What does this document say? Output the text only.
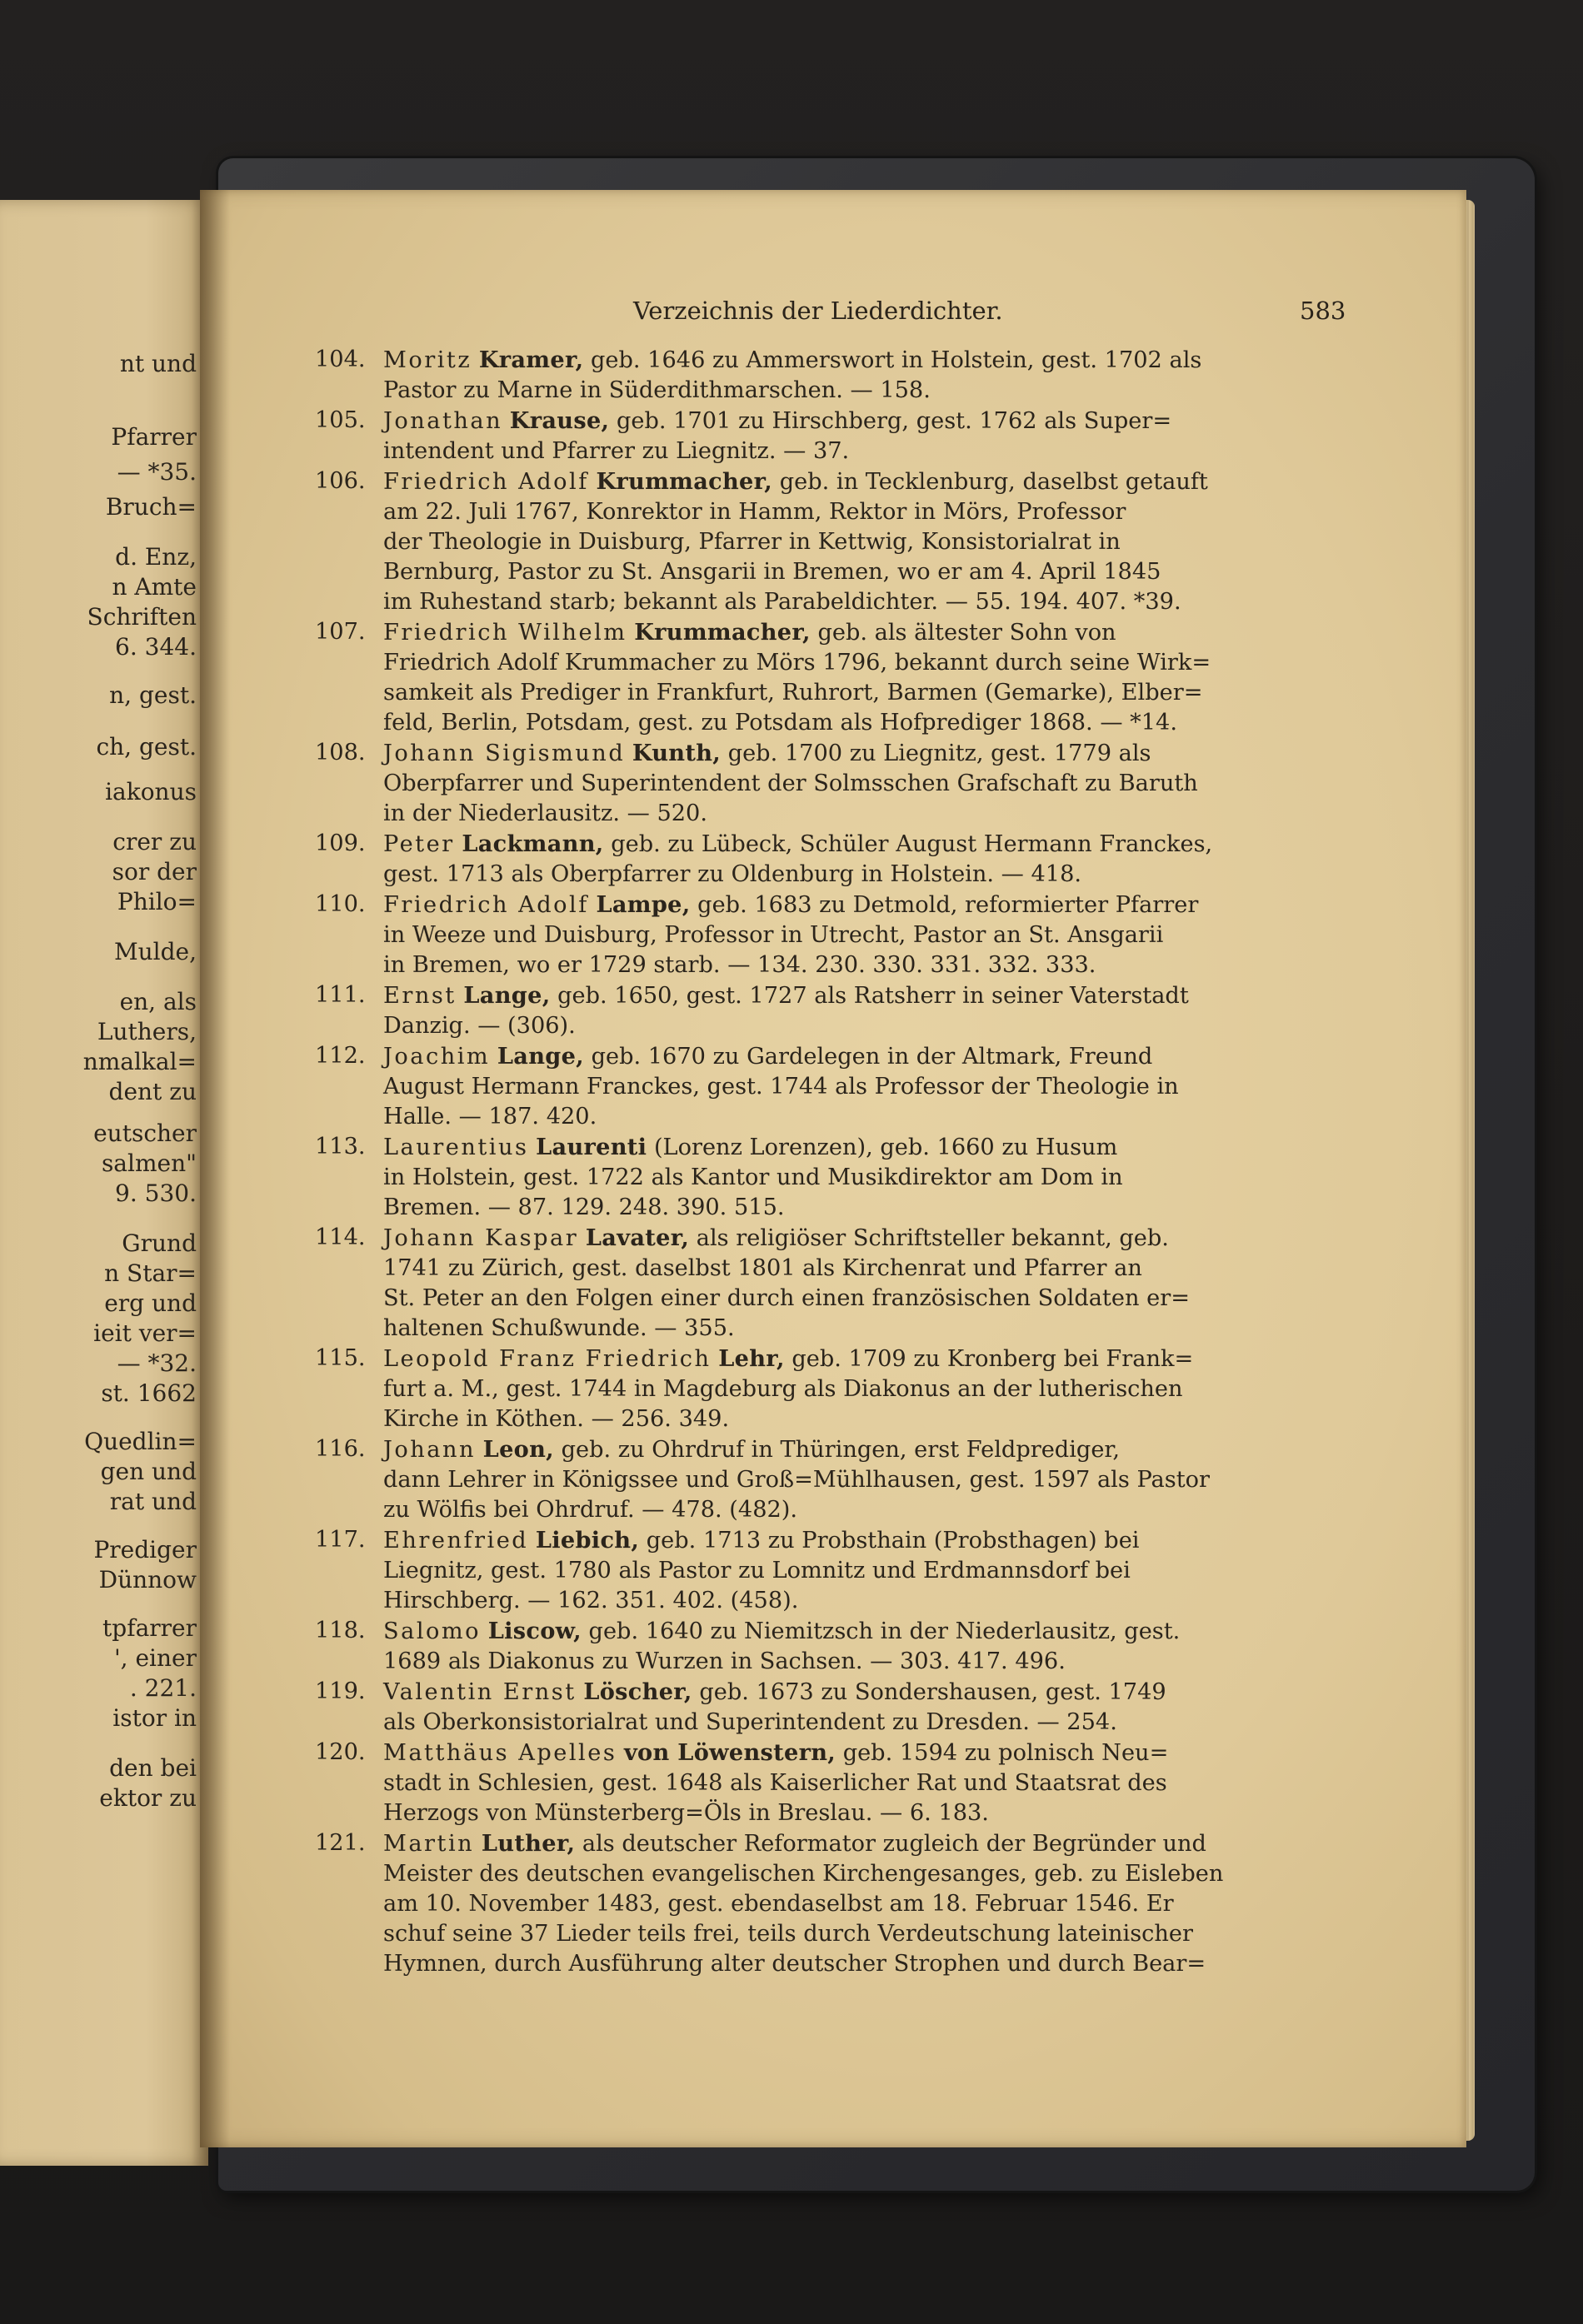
nt und
Pfarrer
— *35.
Bruch=
d. Enz,
n Amte
Schriften
6. 344.
n, gest.
ch, gest.
iakonus
crer zu
sor der
Philo=
Mulde,
en, als
Luthers,
nmalkal=
dent zu
eutscher
salmen"
9. 530.
Grund
n Star=
erg und
ieit ver=
— *32.
st. 1662
Quedlin=
gen und
rat und
Prediger
Dünnow
tpfarrer
', einer
. 221.
istor in
den bei
ektor zu
Verzeichnis der Liederdichter.	583
104. Moritz Kramer, geb. 1646 zu Ammerswort in Holstein, gest. 1702 als
Pastor zu Marne in Süderdithmarschen. — 158.
105. Jonathan Krause, geb. 1701 zu Hirschberg, gest. 1762 als Super=
intendent und Pfarrer zu Liegnitz. — 37.
106. Friedrich Adolf Krummacher, geb. in Tecklenburg, daselbst getauft
am 22. Juli 1767, Konrektor in Hamm, Rektor in Mörs, Professor
der Theologie in Duisburg, Pfarrer in Kettwig, Konsistorialrat in
Bernburg, Pastor zu St. Ansgarii in Bremen, wo er am 4. April 1845
im Ruhestand starb; bekannt als Parabeldichter. — 55. 194. 407. *39.
107. Friedrich Wilhelm Krummacher, geb. als ältester Sohn von
Friedrich Adolf Krummacher zu Mörs 1796, bekannt durch seine Wirk=
samkeit als Prediger in Frankfurt, Ruhrort, Barmen (Gemarke), Elber=
feld, Berlin, Potsdam, gest. zu Potsdam als Hofprediger 1868. — *14.
108. Johann Sigismund Kunth, geb. 1700 zu Liegnitz, gest. 1779 als
Oberpfarrer und Superintendent der Solmsschen Grafschaft zu Baruth
in der Niederlausitz. — 520.
109. Peter Lackmann, geb. zu Lübeck, Schüler August Hermann Franckes,
gest. 1713 als Oberpfarrer zu Oldenburg in Holstein. — 418.
110. Friedrich Adolf Lampe, geb. 1683 zu Detmold, reformierter Pfarrer
in Weeze und Duisburg, Professor in Utrecht, Pastor an St. Ansgarii
in Bremen, wo er 1729 starb. — 134. 230. 330. 331. 332. 333.
111. Ernst Lange, geb. 1650, gest. 1727 als Ratsherr in seiner Vaterstadt
Danzig. — (306).
112. Joachim Lange, geb. 1670 zu Gardelegen in der Altmark, Freund
August Hermann Franckes, gest. 1744 als Professor der Theologie in
Halle. — 187. 420.
113. Laurentius Laurenti (Lorenz Lorenzen), geb. 1660 zu Husum
in Holstein, gest. 1722 als Kantor und Musikdirektor am Dom in
Bremen. — 87. 129. 248. 390. 515.
114. Johann Kaspar Lavater, als religiöser Schriftsteller bekannt, geb.
1741 zu Zürich, gest. daselbst 1801 als Kirchenrat und Pfarrer an
St. Peter an den Folgen einer durch einen französischen Soldaten er=
haltenen Schußwunde. — 355.
115. Leopold Franz Friedrich Lehr, geb. 1709 zu Kronberg bei Frank=
furt a. M., gest. 1744 in Magdeburg als Diakonus an der lutherischen
Kirche in Köthen. — 256. 349.
116. Johann Leon, geb. zu Ohrdruf in Thüringen, erst Feldprediger,
dann Lehrer in Königssee und Groß=Mühlhausen, gest. 1597 als Pastor
zu Wölfis bei Ohrdruf. — 478. (482).
117. Ehrenfried Liebich, geb. 1713 zu Probsthain (Probsthagen) bei
Liegnitz, gest. 1780 als Pastor zu Lomnitz und Erdmannsdorf bei
Hirschberg. — 162. 351. 402. (458).
118. Salomo Liscow, geb. 1640 zu Niemitzsch in der Niederlausitz, gest.
1689 als Diakonus zu Wurzen in Sachsen. — 303. 417. 496.
119. Valentin Ernst Löscher, geb. 1673 zu Sondershausen, gest. 1749
als Oberkonsistorialrat und Superintendent zu Dresden. — 254.
120. Matthäus Apelles von Löwenstern, geb. 1594 zu polnisch Neu=
stadt in Schlesien, gest. 1648 als Kaiserlicher Rat und Staatsrat des
Herzogs von Münsterberg=Öls in Breslau. — 6. 183.
121. Martin Luther, als deutscher Reformator zugleich der Begründer und
Meister des deutschen evangelischen Kirchengesanges, geb. zu Eisleben
am 10. November 1483, gest. ebendaselbst am 18. Februar 1546. Er
schuf seine 37 Lieder teils frei, teils durch Verdeutschung lateinischer
Hymnen, durch Ausführung alter deutscher Strophen und durch Bear=
